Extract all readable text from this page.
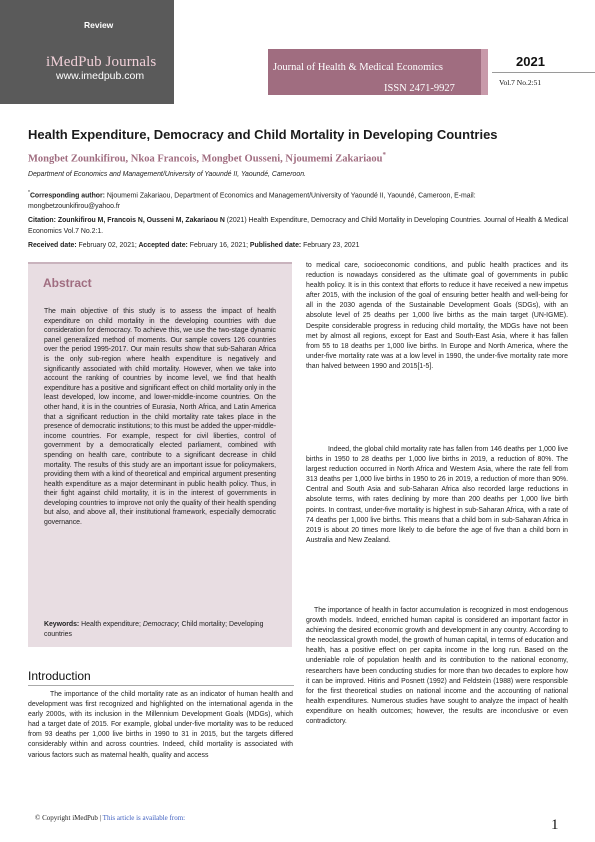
Review
iMedPub Journals
www.imedpub.com
Journal of Health & Medical Economics
ISSN 2471-9927
2021
Vol.7 No.2:51
Health Expenditure, Democracy and Child Mortality in Developing Countries
Mongbet Zounkifirou, Nkoa Francois, Mongbet Ousseni, Njoumemi Zakariaou*
Department of Economics and Management/University of Yaoundé II, Yaoundé, Cameroon.
*Corresponding author: Njoumemi Zakariaou, Department of Economics and Management/University of Yaoundé II, Yaoundé, Cameroon, E-mail: mongbetzounkifirou@yahoo.fr
Citation: Zounkifirou M, Francois N, Ousseni M, Zakariaou N (2021) Health Expenditure, Democracy and Child Mortality in Developing Countries. Journal of Health & Medical Economics Vol.7 No.2:1.
Received date: February 02, 2021; Accepted date: February 16, 2021; Published date: February 23, 2021
Abstract
The main objective of this study is to assess the impact of health expenditure on child mortality in the developing countries with due consideration for democracy. To achieve this, we use the two-stage dynamic panel generalized method of moments. Our sample covers 126 countries over the period 1995-2017. Our main results show that sub-Saharan Africa is the only sub-region where health expenditure is negatively and significantly associated with child mortality. However, when we take into account the ranking of countries by income level, we find that health expenditure has a positive and significant effect on child mortality only in the least developed, low income, and lower-middle-income countries. On the other hand, it is in the countries of Eurasia, North Africa, and Latin America that a significant reduction in the child mortality rate takes place in the presence of democratic institutions; to this must be added the upper-middle-income countries. For example, respect for civil liberties, control of government by a democratically elected parliament, combined with spending on health care, contribute to a significant decrease in child mortality. The results of this study are an important issue for policymakers, providing them with a kind of theoretical and empirical argument presenting health expenditure as a major determinant in public health policy. Thus, in their fight against child mortality, it is in the interest of governments in developing countries to improve not only the quality of their health spending but also, and above all, their institutional framework, especially democratic governance.
Keywords: Health expenditure; Democracy; Child mortality; Developing countries
Introduction
The importance of the child mortality rate as an indicator of human health and development was first recognized and highlighted on the international agenda in the early 2000s, with its inclusion in the Millennium Development Goals (MDGs), which had a target date of 2015. For example, global under-five mortality was to be reduced from 93 deaths per 1,000 live births in 1990 to 31 in 2015, but the targets differed considerably within and across countries. Indeed, child mortality is associated with various factors such as maternal health, quality and access
to medical care, socioeconomic conditions, and public health practices and its reduction is nowadays considered as the ultimate goal of governments in public health policy. It is in this context that efforts to reduce it have received a new impetus after 2015, with the inclusion of the goal of ensuring better health and well-being for all in the 2030 agenda of the Sustainable Development Goals (SDGs), with an absolute level of 25 deaths per 1,000 live births as the main target (UN-IGME). Despite considerable progress in reducing child mortality, the MDGs have not been met by almost all regions, except for East and South-East Asia, where it has fallen from 55 to 18 deaths per 1,000 live births. In Europe and North America, where the under-five mortality rate was at a low level in 1990, the under-five mortality rate more than halved between 1990 and 2015[1-5].
Indeed, the global child mortality rate has fallen from 146 deaths per 1,000 live births in 1950 to 28 deaths per 1,000 live births in 2019, a reduction of 80%. The largest reduction occurred in North Africa and Western Asia, where the rate fell from 313 deaths per 1,000 live births in 1950 to 26 in 2019, a reduction of more than 90%. Central and South Asia and sub-Saharan Africa also recorded large reductions in absolute terms, with rates declining by more than 200 deaths per 1,000 live birth points. In contrast, under-five mortality is highest in sub-Saharan Africa, with a rate of 74 deaths per 1,000 live births. This means that a child born in sub-Saharan Africa in 2019 is about 20 times more likely to die before the age of five than a child born in Australia and New Zealand.
The importance of health in factor accumulation is recognized in most endogenous growth models. Indeed, enriched human capital is considered an important factor in achieving the desired economic growth and development in any country. According to the neoclassical growth model, the growth of human capital, in terms of education and health, has a positive effect on per capita income in the long run. Based on the undeniable role of population health and its contribution to the national economy, researchers have been conducting studies for more than two decades to explore how it can be improved. Hitiris and Posnett (1992) and Feldstein (1988) were responsible for the first theoretical studies on national income and the accounting of national health expenditures. Numerous studies have sought to analyze the impact of health expenditure on health outcomes; however, the results are inconclusive or even contradictory.
© Copyright iMedPub | This article is available from:	1
